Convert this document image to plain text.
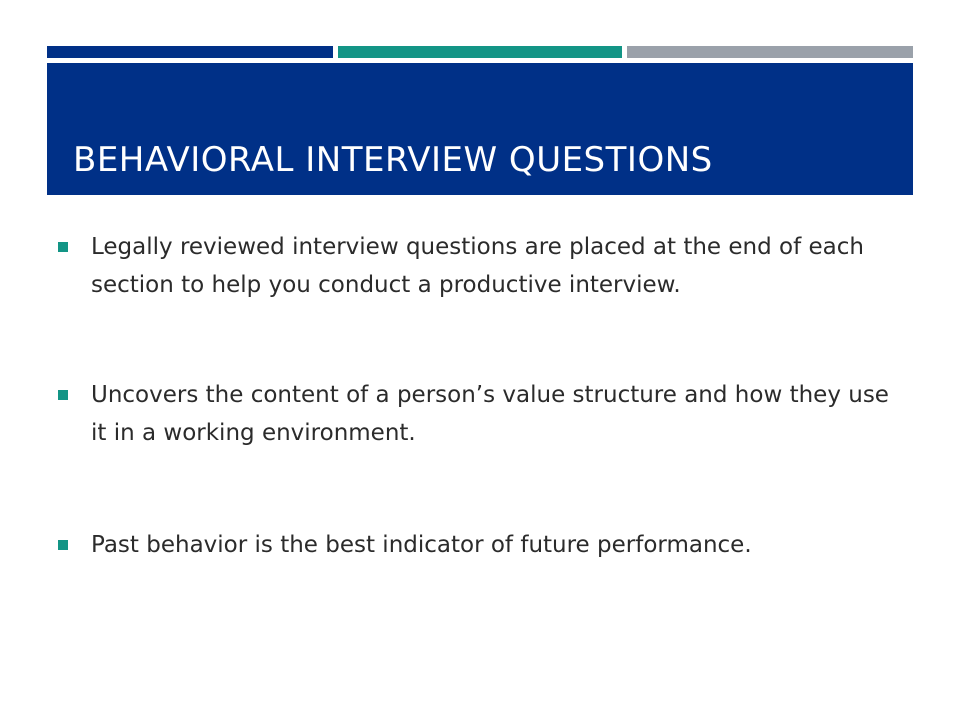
BEHAVIORAL INTERVIEW QUESTIONS
Legally reviewed interview questions are placed at the end of each section to help you conduct a productive interview.
Uncovers the content of a person’s value structure and how they use it in a working environment.
Past behavior is the best indicator of future performance.
